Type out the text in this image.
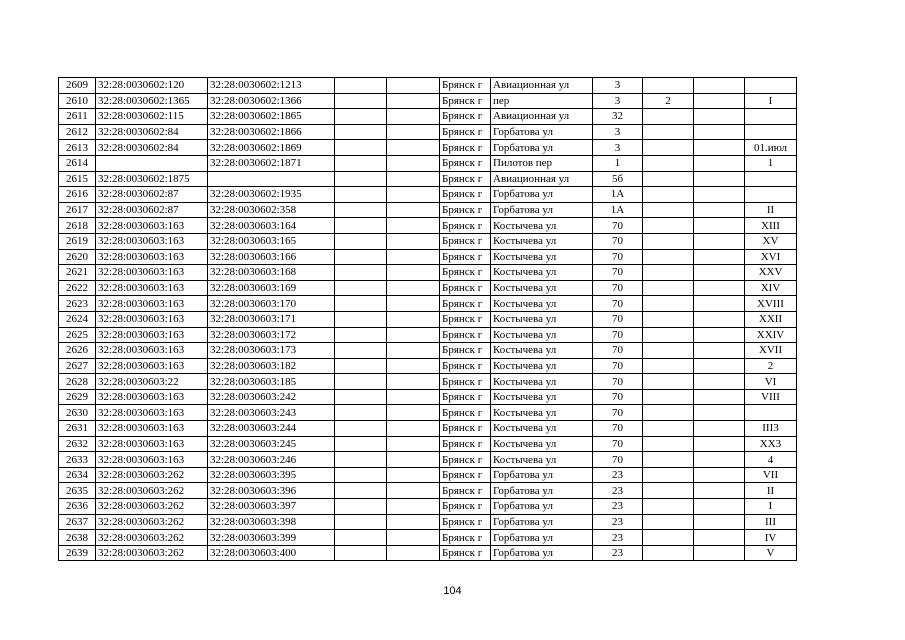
2609	32:28:0030602:120	32:28:0030602:1213			Брянск г	Авиационная ул	3			
2610	32:28:0030602:1365	32:28:0030602:1366			Брянск г	пер	3	2		I
2611	32:28:0030602:115	32:28:0030602:1865			Брянск г	Авиационная ул	32			
2612	32:28:0030602:84	32:28:0030602:1866			Брянск г	Горбатова ул	3			
2613	32:28:0030602:84	32:28:0030602:1869			Брянск г	Горбатова ул	3			01.июл
2614		32:28:0030602:1871			Брянск г	Пилотов пер	1			1
2615	32:28:0030602:1875				Брянск г	Авиационная ул	5б			
2616	32:28:0030602:87	32:28:0030602:1935			Брянск г	Горбатова ул	1А			
2617	32:28:0030602:87	32:28:0030602:358			Брянск г	Горбатова ул	1А			II
2618	32:28:0030603:163	32:28:0030603:164			Брянск г	Костычева ул	70			XIII
2619	32:28:0030603:163	32:28:0030603:165			Брянск г	Костычева ул	70			XV
2620	32:28:0030603:163	32:28:0030603:166			Брянск г	Костычева ул	70			XVI
2621	32:28:0030603:163	32:28:0030603:168			Брянск г	Костычева ул	70			XXV
2622	32:28:0030603:163	32:28:0030603:169			Брянск г	Костычева ул	70			XIV
2623	32:28:0030603:163	32:28:0030603:170			Брянск г	Костычева ул	70			XVIII
2624	32:28:0030603:163	32:28:0030603:171			Брянск г	Костычева ул	70			XXII
2625	32:28:0030603:163	32:28:0030603:172			Брянск г	Костычева ул	70			XXIV
2626	32:28:0030603:163	32:28:0030603:173			Брянск г	Костычева ул	70			XVII
2627	32:28:0030603:163	32:28:0030603:182			Брянск г	Костычева ул	70			2
2628	32:28:0030603:22	32:28:0030603:185			Брянск г	Костычева ул	70			VI
2629	32:28:0030603:163	32:28:0030603:242			Брянск г	Костычева ул	70			VIII
2630	32:28:0030603:163	32:28:0030603:243			Брянск г	Костычева ул	70			
2631	32:28:0030603:163	32:28:0030603:244			Брянск г	Костычева ул	70			III3
2632	32:28:0030603:163	32:28:0030603:245			Брянск г	Костычева ул	70			XX3
2633	32:28:0030603:163	32:28:0030603:246			Брянск г	Костычева ул	70			4
2634	32:28:0030603:262	32:28:0030603:395			Брянск г	Горбатова ул	23			VII
2635	32:28:0030603:262	32:28:0030603:396			Брянск г	Горбатова ул	23			II
2636	32:28:0030603:262	32:28:0030603:397			Брянск г	Горбатова ул	23			I
2637	32:28:0030603:262	32:28:0030603:398			Брянск г	Горбатова ул	23			III
2638	32:28:0030603:262	32:28:0030603:399			Брянск г	Горбатова ул	23			IV
2639	32:28:0030603:262	32:28:0030603:400			Брянск г	Горбатова ул	23			V
104
